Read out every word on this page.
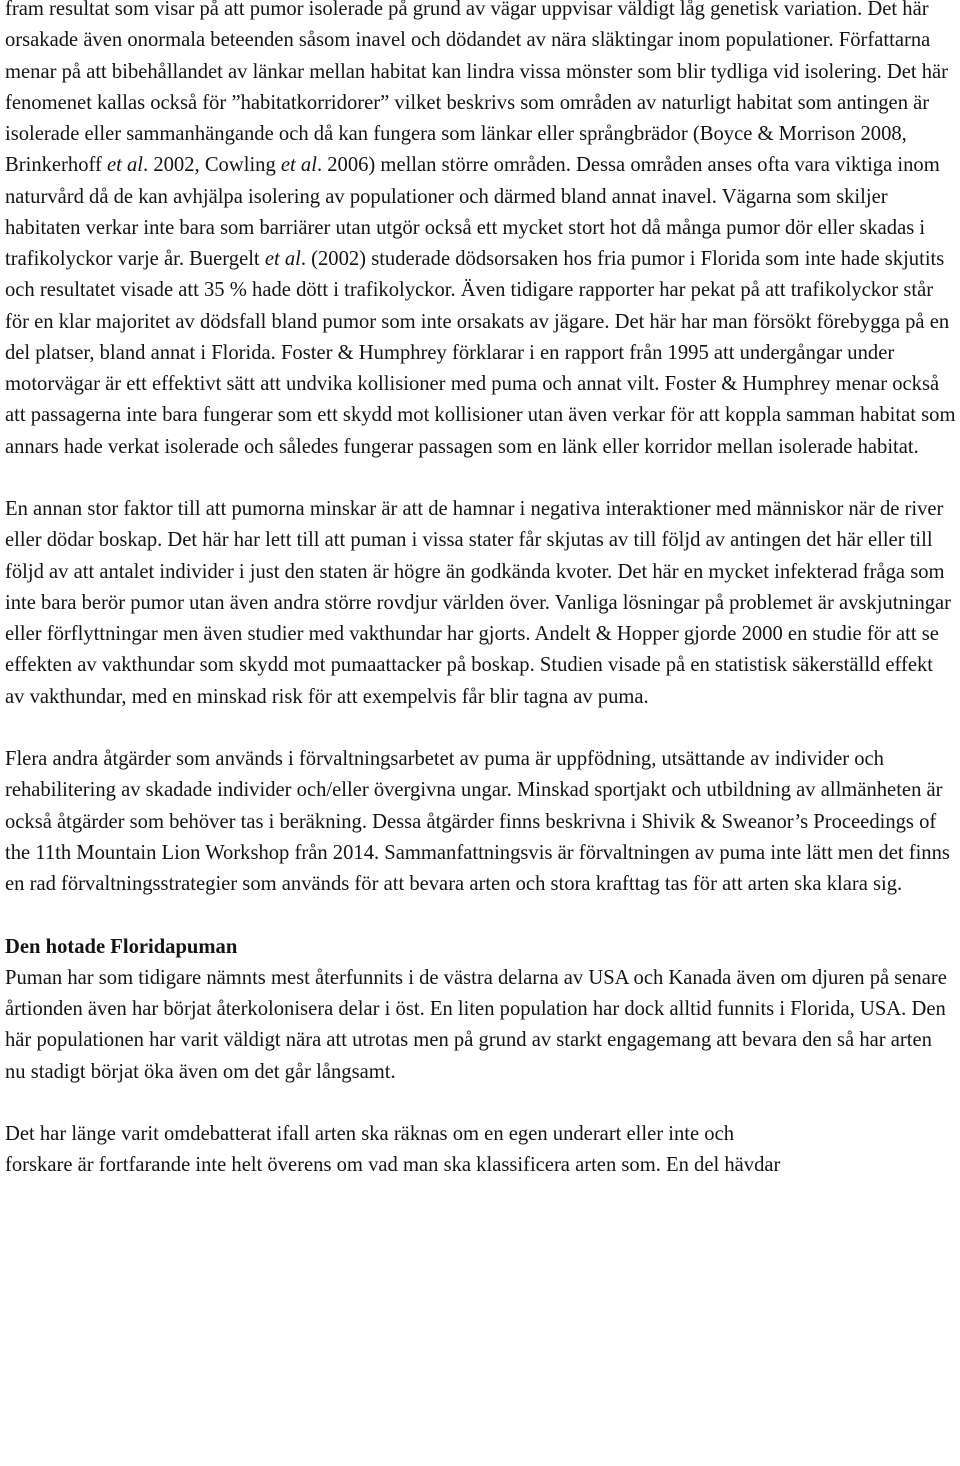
fram resultat som visar på att pumor isolerade på grund av vägar uppvisar väldigt låg genetisk variation. Det här orsakade även onormala beteenden såsom inavel och dödandet av nära släktingar inom populationer. Författarna menar på att bibehållandet av länkar mellan habitat kan lindra vissa mönster som blir tydliga vid isolering. Det här fenomenet kallas också för ”habitatkorridorer” vilket beskrivs som områden av naturligt habitat som antingen är isolerade eller sammanhängande och då kan fungera som länkar eller språngbrädor (Boyce & Morrison 2008, Brinkerhoff et al. 2002, Cowling et al. 2006) mellan större områden. Dessa områden anses ofta vara viktiga inom naturvård då de kan avhjälpa isolering av populationer och därmed bland annat inavel. Vägarna som skiljer habitaten verkar inte bara som barriärer utan utgör också ett mycket stort hot då många pumor dör eller skadas i trafikolyckor varje år. Buergelt et al. (2002) studerade dödsorsaken hos fria pumor i Florida som inte hade skjutits och resultatet visade att 35 % hade dött i trafikolyckor. Även tidigare rapporter har pekat på att trafikolyckor står för en klar majoritet av dödsfall bland pumor som inte orsakats av jägare. Det här har man försökt förebygga på en del platser, bland annat i Florida. Foster & Humphrey förklarar i en rapport från 1995 att undergångar under motorvägar är ett effektivt sätt att undvika kollisioner med puma och annat vilt. Foster & Humphrey menar också att passagerna inte bara fungerar som ett skydd mot kollisioner utan även verkar för att koppla samman habitat som annars hade verkat isolerade och således fungerar passagen som en länk eller korridor mellan isolerade habitat.

En annan stor faktor till att pumorna minskar är att de hamnar i negativa interaktioner med människor när de river eller dödar boskap. Det här har lett till att puman i vissa stater får skjutas av till följd av antingen det här eller till följd av att antalet individer i just den staten är högre än godkända kvoter. Det här en mycket infekterad fråga som inte bara berör pumor utan även andra större rovdjur världen över. Vanliga lösningar på problemet är avskjutningar eller förflyttningar men även studier med vakthundar har gjorts. Andelt & Hopper gjorde 2000 en studie för att se effekten av vakthundar som skydd mot pumaattacker på boskap. Studien visade på en statistisk säkerställd effekt av vakthundar, med en minskad risk för att exempelvis får blir tagna av puma.

Flera andra åtgärder som används i förvaltningsarbetet av puma är uppfödning, utsättande av individer och rehabilitering av skadade individer och/eller övergivna ungar. Minskad sportjakt och utbildning av allmänheten är också åtgärder som behöver tas i beräkning. Dessa åtgärder finns beskrivna i Shivik & Sweanor’s Proceedings of the 11th Mountain Lion Workshop från 2014. Sammanfattningsvis är förvaltningen av puma inte lätt men det finns en rad förvaltningsstrategier som används för att bevara arten och stora krafttag tas för att arten ska klara sig.

Den hotade Floridapuman

Puman har som tidigare nämnts mest återfunnits i de västra delarna av USA och Kanada även om djuren på senare årtionden även har börjat återkolonisera delar i öst. En liten population har dock alltid funnits i Florida, USA. Den här populationen har varit väldigt nära att utrotas men på grund av starkt engagemang att bevara den så har arten nu stadigt börjat öka även om det går långsamt.

Det har länge varit omdebatterat ifall arten ska räknas om en egen underart eller inte och
forskare är fortfarande inte helt överens om vad man ska klassificera arten som. En del hävdar
